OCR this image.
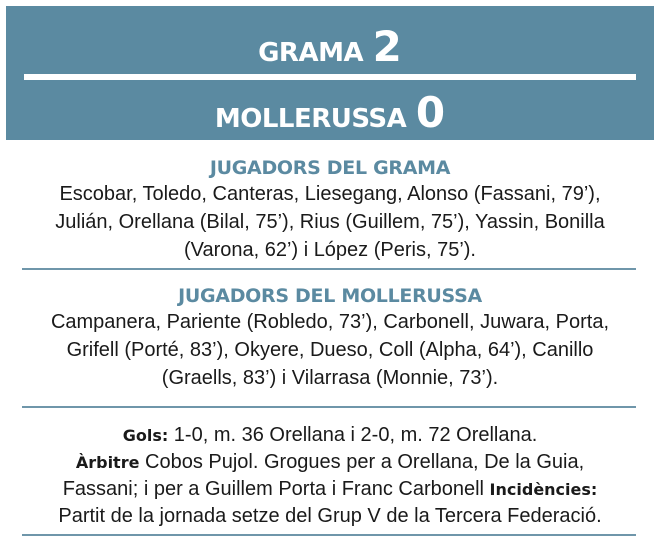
GRAMA 2
MOLLERUSSA 0
JUGADORS DEL GRAMA
Escobar, Toledo, Canteras, Liesegang, Alonso (Fassani, 79’),
Julián, Orellana (Bilal, 75’), Rius (Guillem, 75’), Yassin, Bonilla
(Varona, 62’) i López (Peris, 75’).
JUGADORS DEL MOLLERUSSA
Campanera, Pariente (Robledo, 73’), Carbonell, Juwara, Porta,
Grifell (Porté, 83’), Okyere, Dueso, Coll (Alpha, 64’), Canillo
(Graells, 83’) i Vilarrasa (Monnie, 73’).
Gols: 1-0, m. 36 Orellana i 2-0, m. 72 Orellana.
Àrbitre Cobos Pujol. Grogues per a Orellana, De la Guia,
Fassani; i per a Guillem Porta i Franc Carbonell Incidències:
Partit de la jornada setze del Grup V de la Tercera Federació.
